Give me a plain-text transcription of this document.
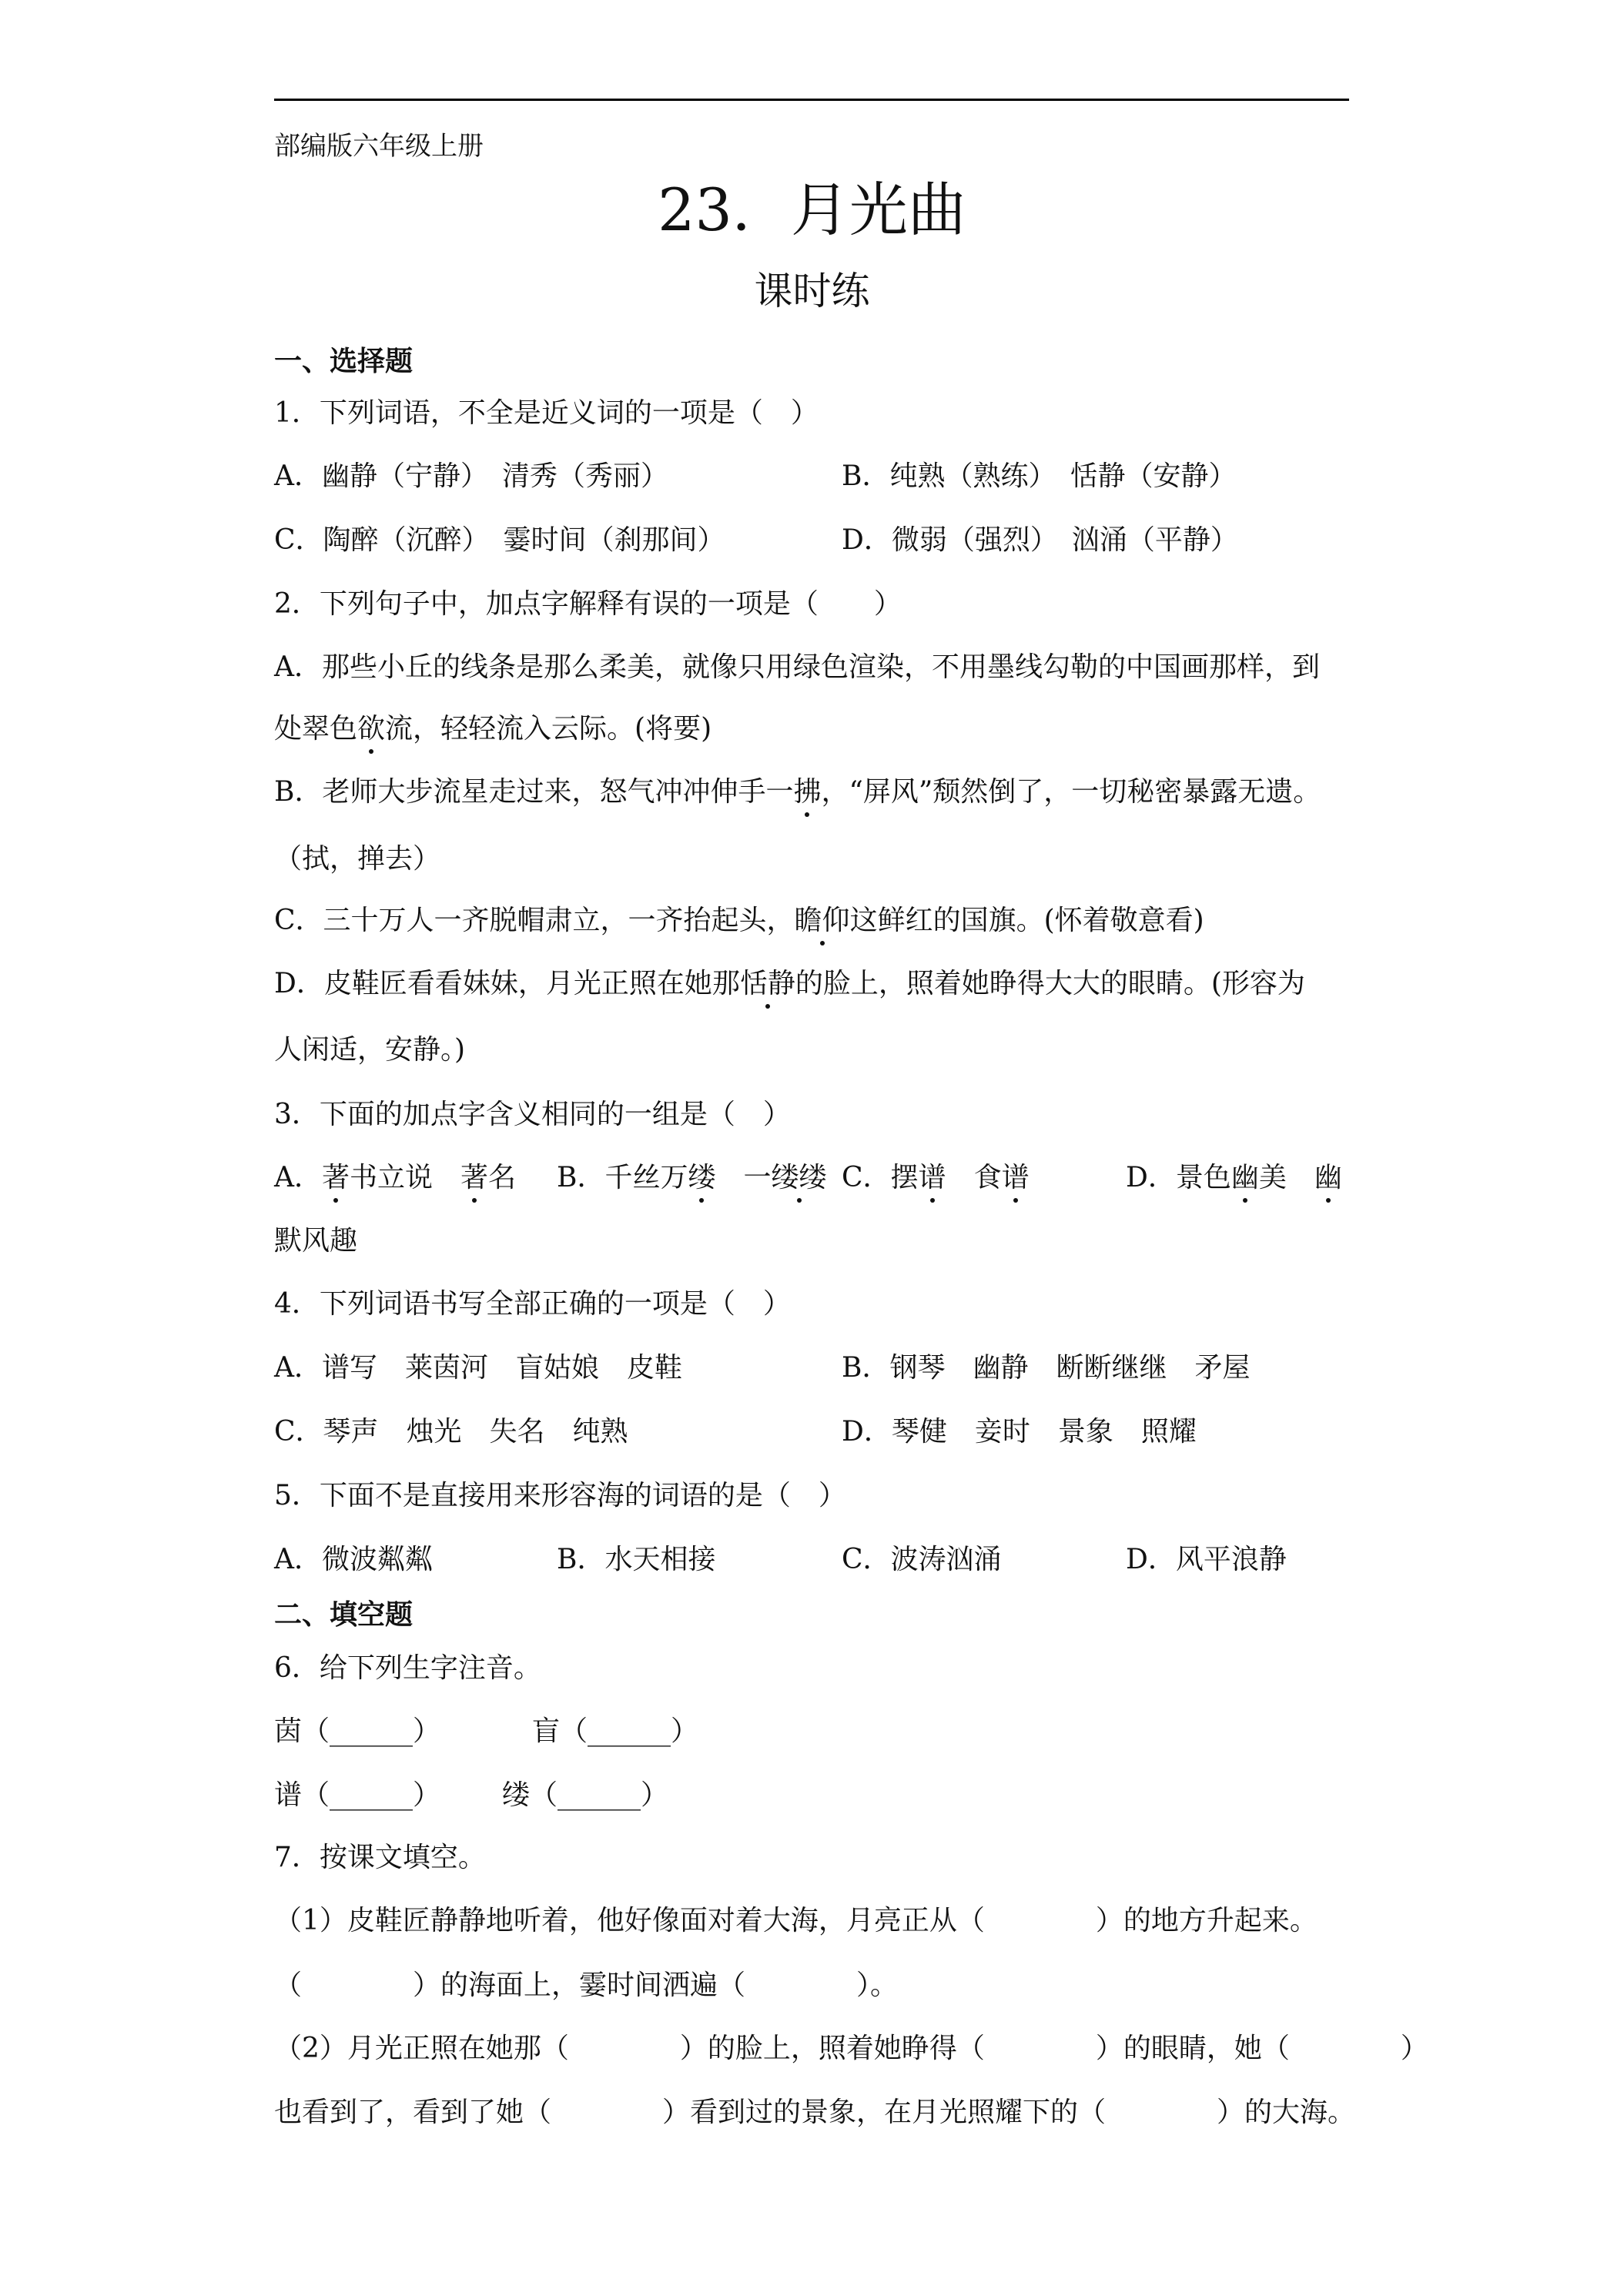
部编版六年级上册
23．月光曲
课时练
一、选择题
1．下列词语，不全是近义词的一项是（　）
A．幽静（宁静）　清秀（秀丽）	B．纯熟（熟练）　恬静（安静）
C．陶醉（沉醉）　霎时间（刹那间）	D．微弱（强烈）　汹涌（平静）
2．下列句子中，加点字解释有误的一项是（　　）
A．那些小丘的线条是那么柔美，就像只用绿色渲染，不用墨线勾勒的中国画那样，到
处翠色欲流，轻轻流入云际。(将要)
B．老师大步流星走过来，怒气冲冲伸手一拂，“屏风”颓然倒了，一切秘密暴露无遗。
（拭，掸去）
C．三十万人一齐脱帽肃立，一齐抬起头，瞻仰这鲜红的国旗。(怀着敬意看)
D．皮鞋匠看看妹妹，月光正照在她那恬静的脸上，照着她睁得大大的眼睛。(形容为
人闲适，安静。)
3．下面的加点字含义相同的一组是（　）
A．著书立说　著名 B．千丝万缕　一缕缕 C．摆谱　食谱	D．景色幽美　幽
默风趣
4．下列词语书写全部正确的一项是（　）
A．谱写　莱茵河　盲姑娘　皮鞋	B．钢琴　幽静　断断继继　矛屋
C．琴声　烛光　失名　纯熟	D．琴健　妾时　景象　照耀
5．下面不是直接用来形容海的词语的是（　）
A．微波粼粼	B．水天相接	C．波涛汹涌	D．风平浪静
二、填空题
6．给下列生字注音。
茵（______）	盲（______）
谱（______） 缕（______）
7．按课文填空。
（1）皮鞋匠静静地听着，他好像面对着大海，月亮正从（　　　　）的地方升起来。
（　　　　）的海面上，霎时间洒遍（　　　　）。
（2）月光正照在她那（　　　　）的脸上，照着她睁得（　　　　）的眼睛，她（　　　　）
也看到了，看到了她（　　　　）看到过的景象，在月光照耀下的（　　　　）的大海。
